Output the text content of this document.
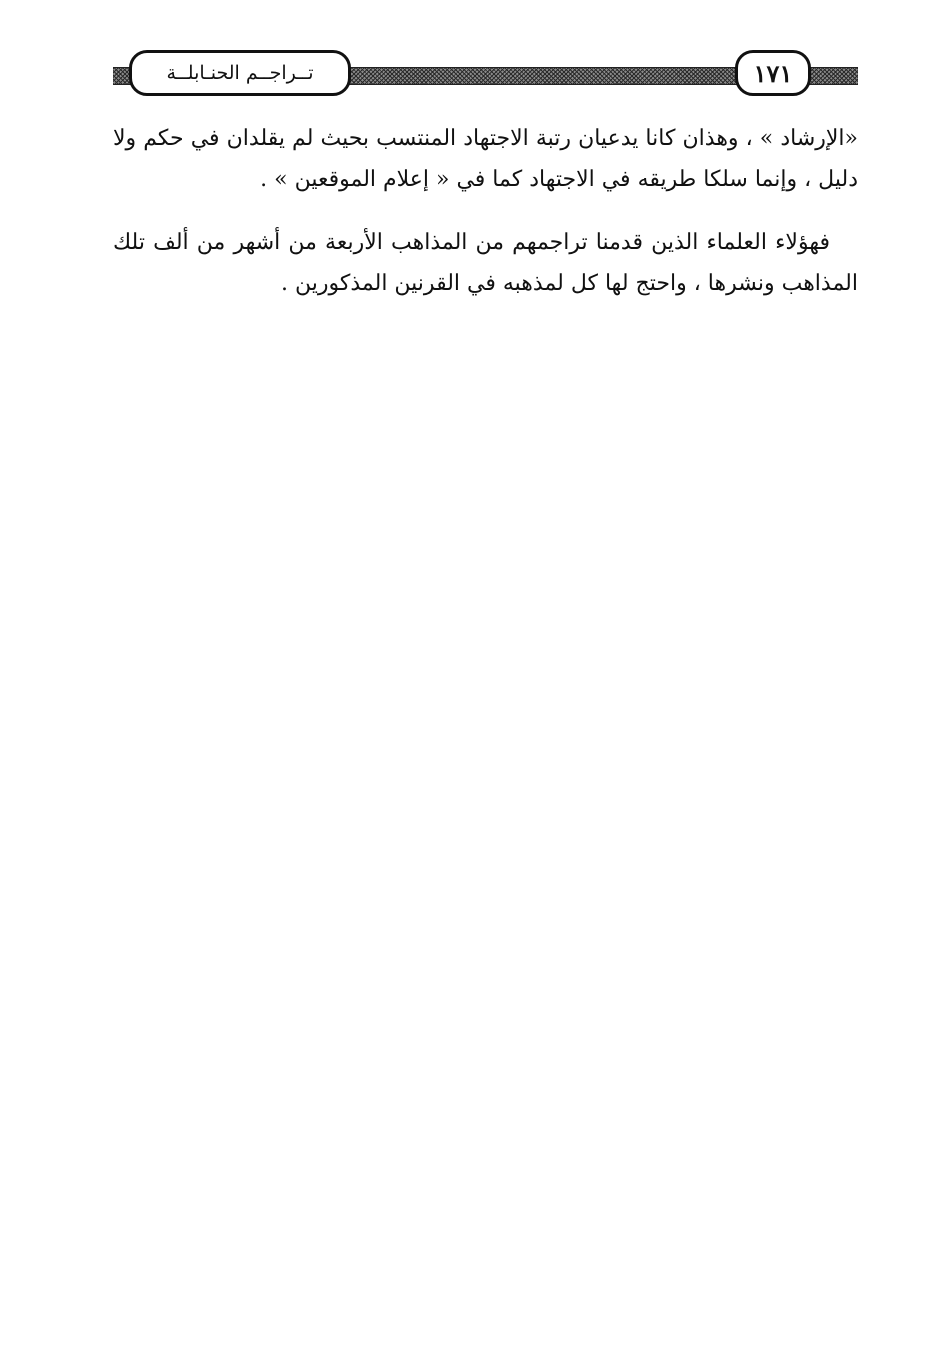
تــراجــم الحنـابلــة	١٧١

«الإرشاد » ، وهذان كانا يدعيان رتبة الاجتهاد المنتسب بحيث لم يقلدان في حكم ولا دليل ، وإنما سلكا طريقه في الاجتهاد كما في « إعلام الموقعين » .

فهؤلاء العلماء الذين قدمنا تراجمهم من المذاهب الأربعة من أشهر من ألف تلك المذاهب ونشرها ، واحتج لها كل لمذهبه في القرنين المذكورين .
